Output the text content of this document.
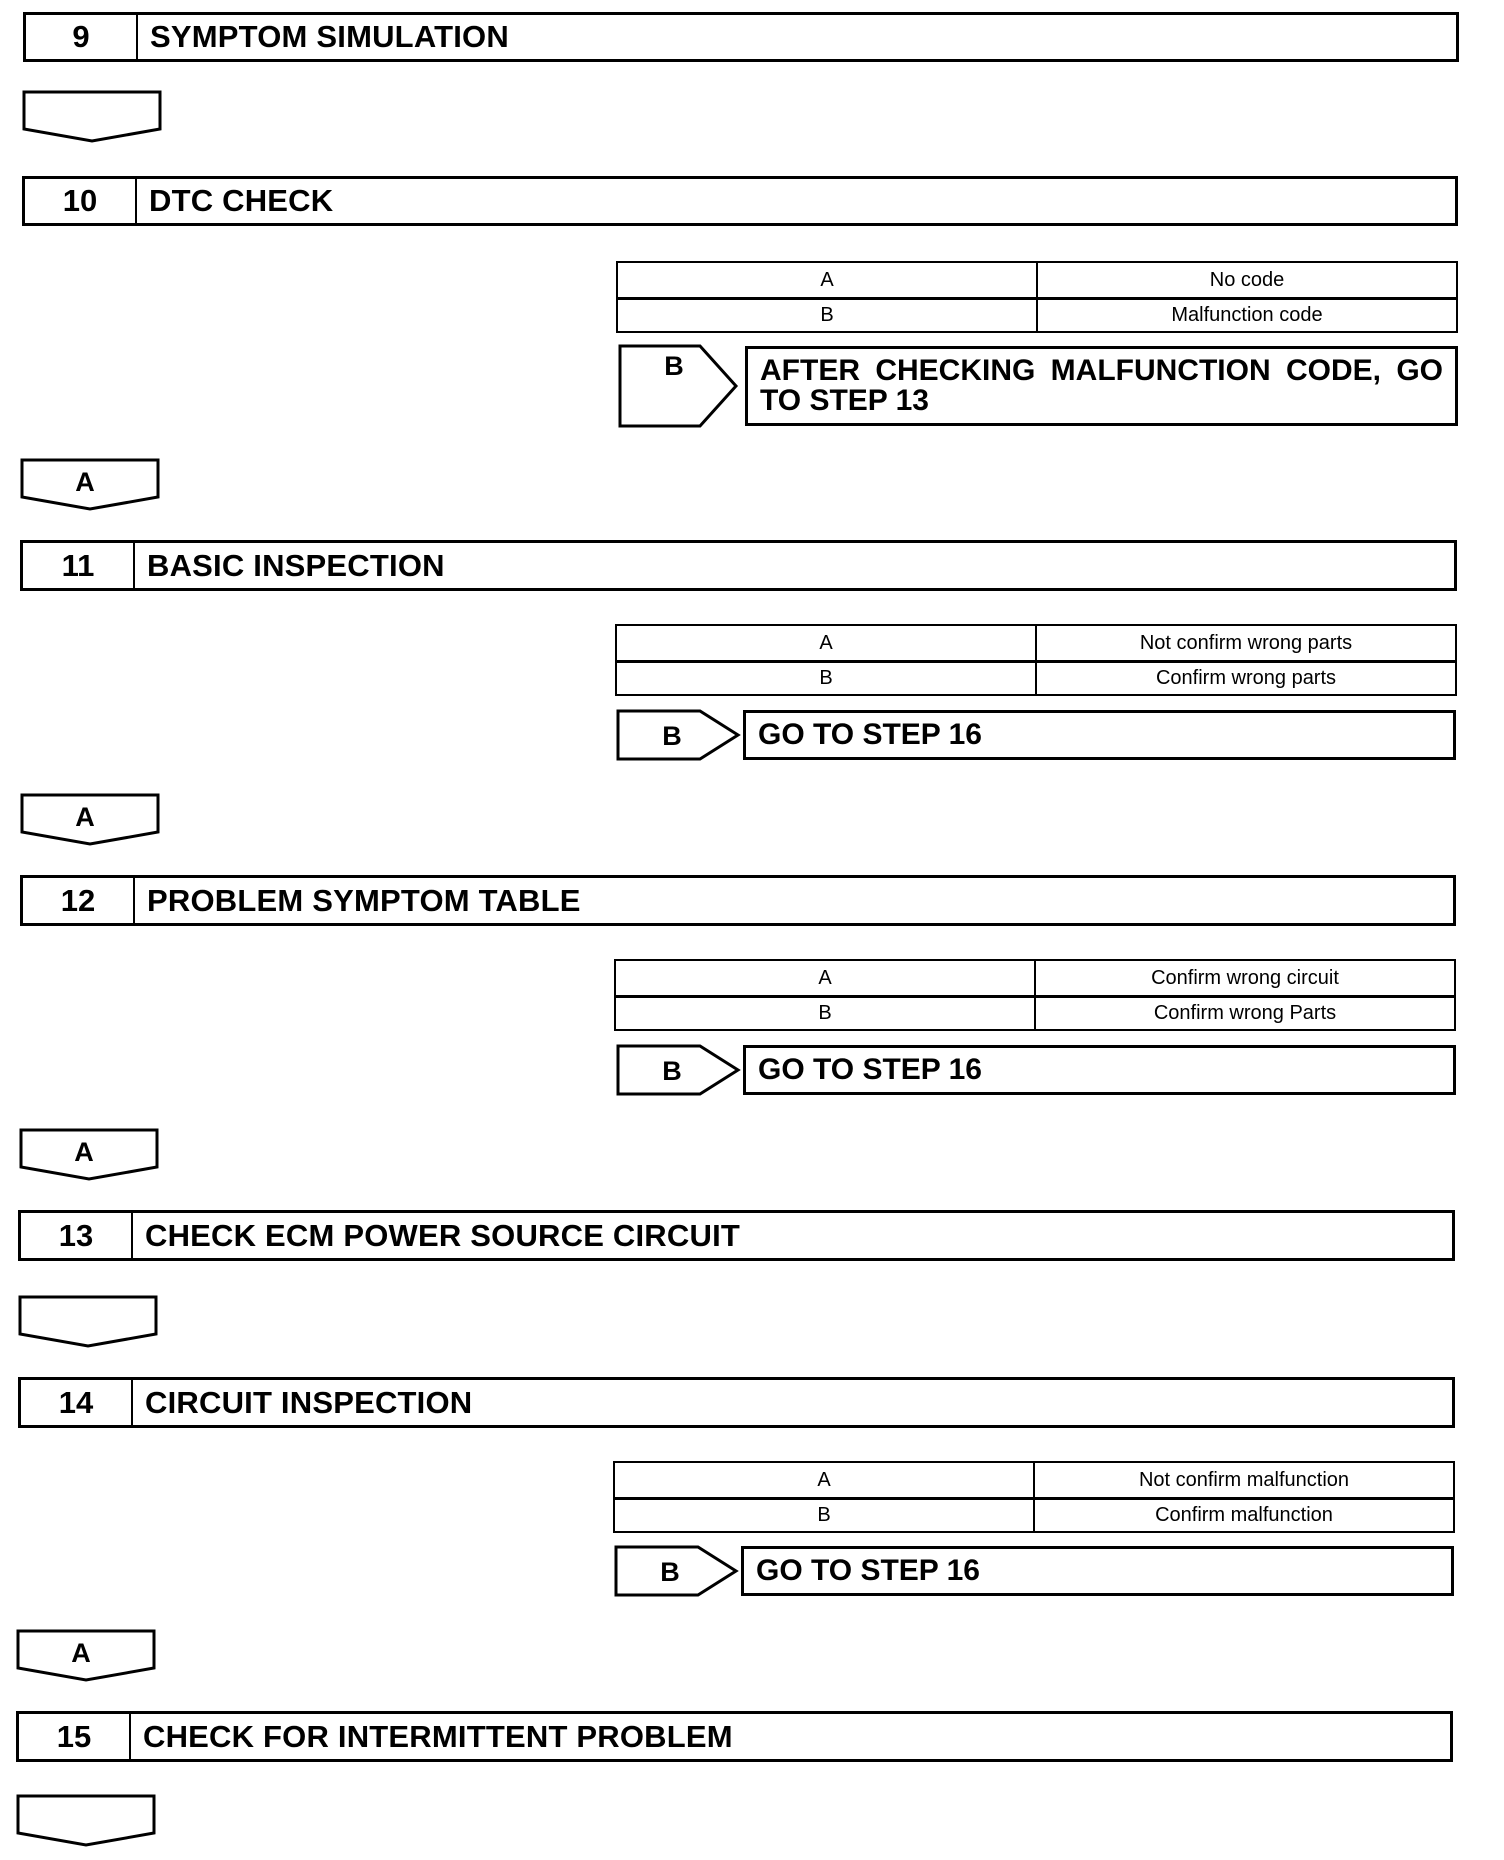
9	SYMPTOM SIMULATION
10	DTC CHECK
A	No code
B	Malfunction code
B	AFTER CHECKING MALFUNCTION CODE, GO TO STEP 13
A
11	BASIC INSPECTION
A	Not confirm wrong parts
B	Confirm wrong parts
B	GO TO STEP 16
A
12	PROBLEM SYMPTOM TABLE
A	Confirm wrong circuit
B	Confirm wrong Parts
B	GO TO STEP 16
A
13	CHECK ECM POWER SOURCE CIRCUIT
14	CIRCUIT INSPECTION
A	Not confirm malfunction
B	Confirm malfunction
B	GO TO STEP 16
A
15	CHECK FOR INTERMITTENT PROBLEM
